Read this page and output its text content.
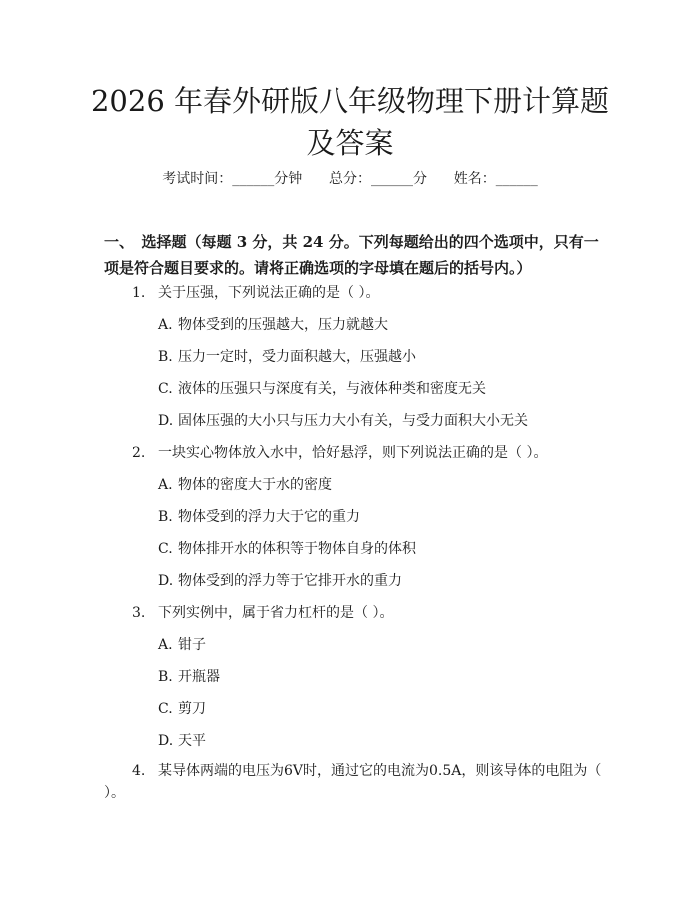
2026 年春外研版八年级物理下册计算题及答案
考试时间：______分钟 总分：______分 姓名：______

一、　选择题（每题 3 分，共 24 分。下列每题给出的四个选项中，只有一项是符合题目要求的。请将正确选项的字母填在题后的括号内。）

1. 关于压强，下列说法正确的是（ ）。
A. 物体受到的压强越大，压力就越大
B. 压力一定时，受力面积越大，压强越小
C. 液体的压强只与深度有关，与液体种类和密度无关
D. 固体压强的大小只与压力大小有关，与受力面积大小无关
2. 一块实心物体放入水中，恰好悬浮，则下列说法正确的是（ ）。
A. 物体的密度大于水的密度
B. 物体受到的浮力大于它的重力
C. 物体排开水的体积等于物体自身的体积
D. 物体受到的浮力等于它排开水的重力
3. 下列实例中，属于省力杠杆的是（ ）。
A. 钳子
B. 开瓶器
C. 剪刀
D. 天平
4. 某导体两端的电压为6V时，通过它的电流为0.5A，则该导体的电阻为（ ）。
